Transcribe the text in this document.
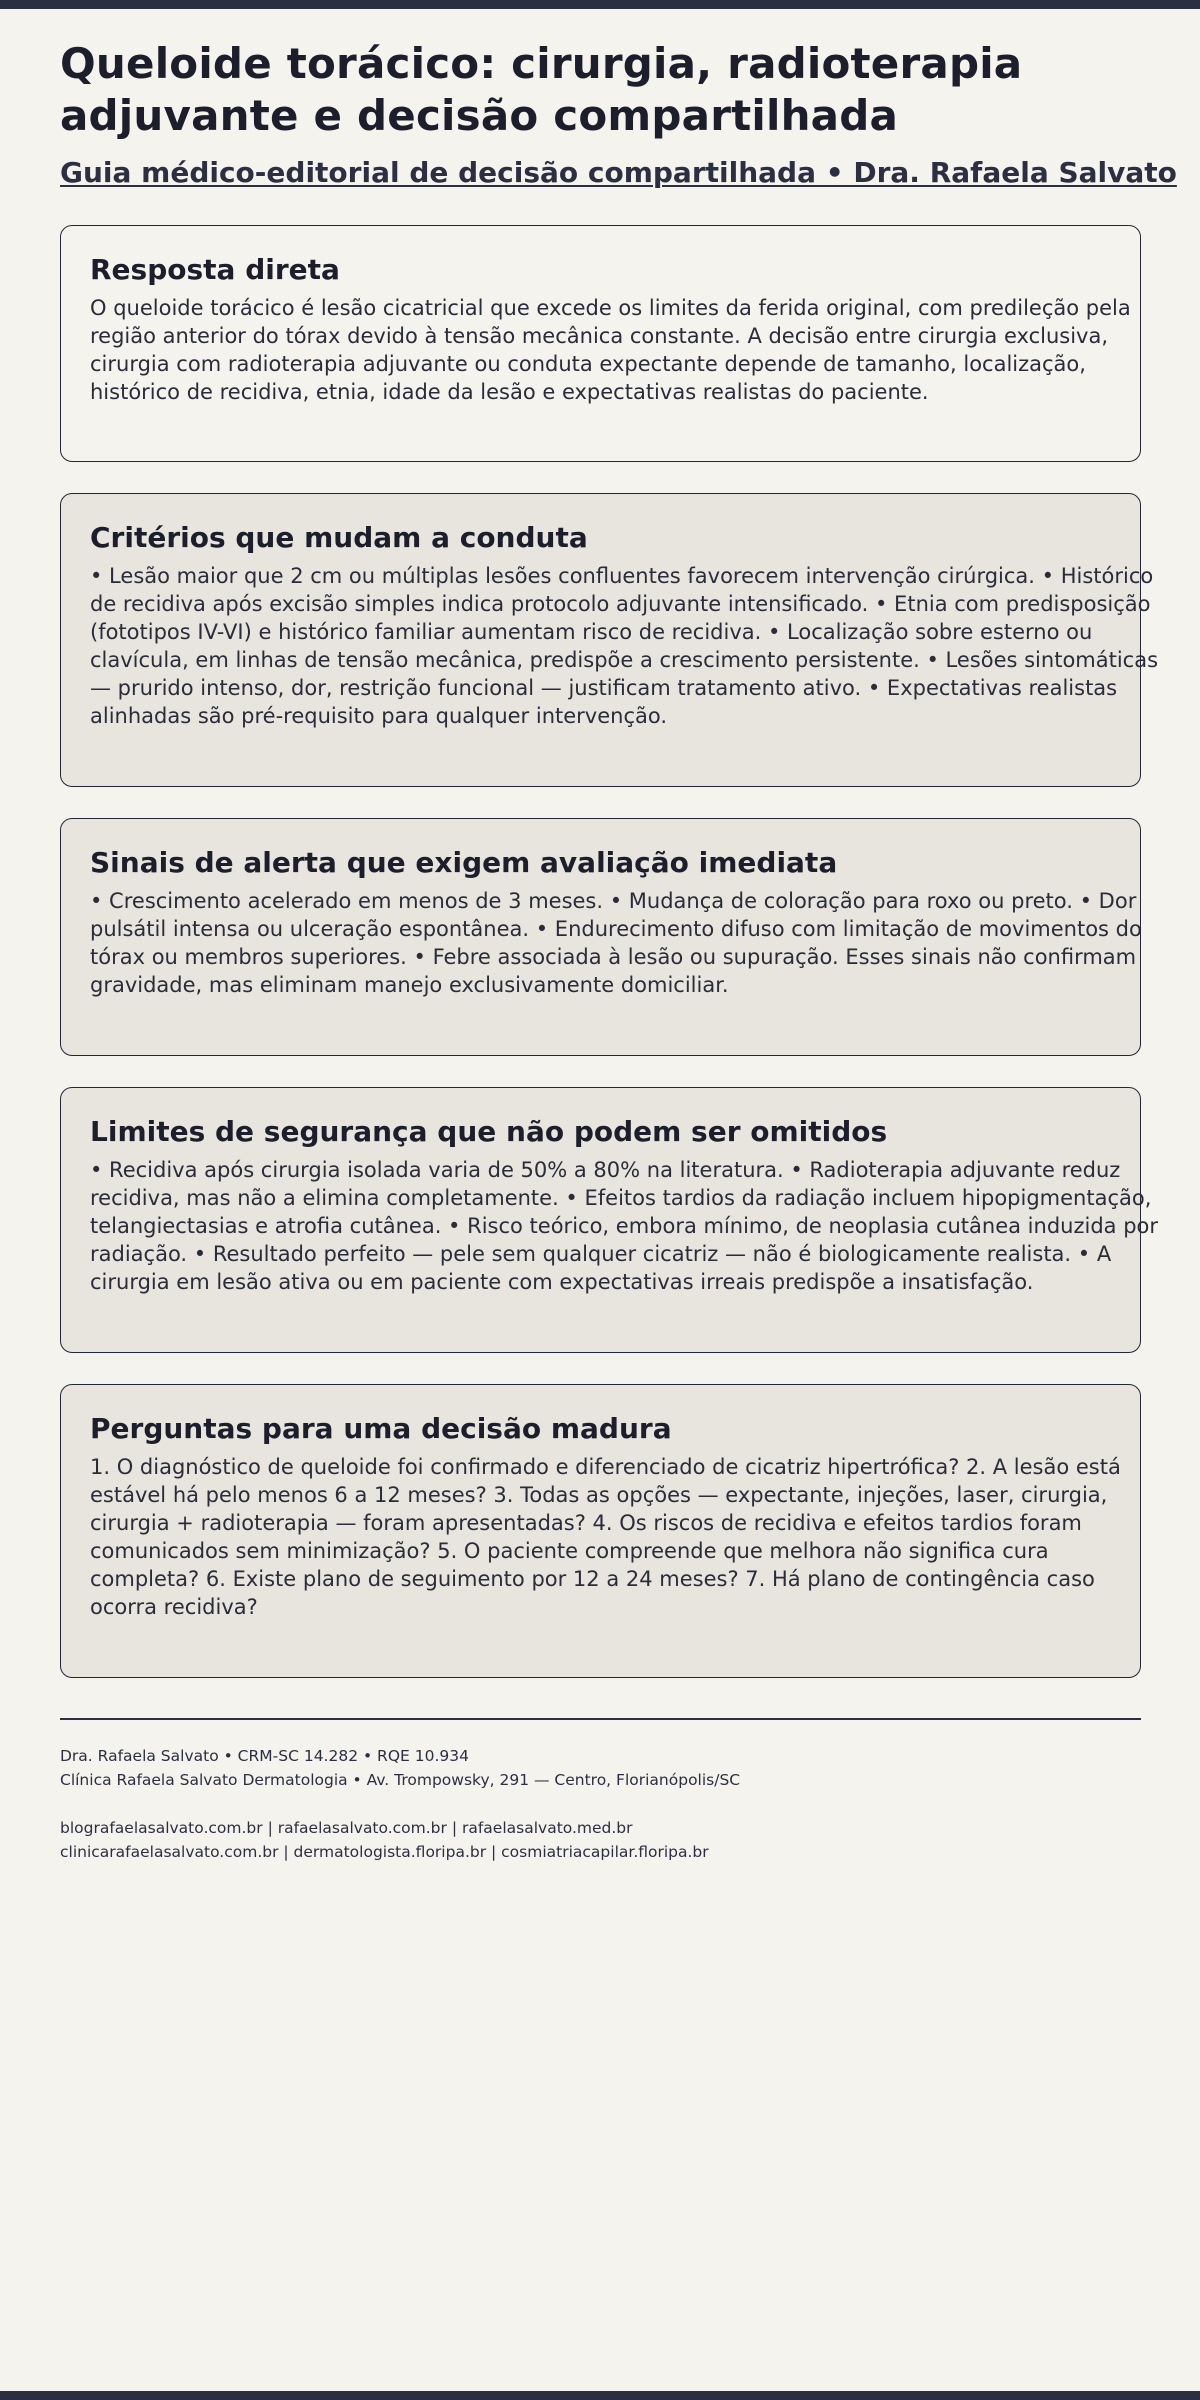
Queloide torácico: cirurgia, radioterapia adjuvante e decisão compartilhada
Guia médico-editorial de decisão compartilhada • Dra. Rafaela Salvato
Resposta direta

O queloide torácico é lesão cicatricial que excede os limites da ferida original, com predileção pela região anterior do tórax devido à tensão mecânica constante. A decisão entre cirurgia exclusiva, cirurgia com radioterapia adjuvante ou conduta expectante depende de tamanho, localização, histórico de recidiva, etnia, idade da lesão e expectativas realistas do paciente.

Critérios que mudam a conduta

• Lesão maior que 2 cm ou múltiplas lesões confluentes favorecem intervenção cirúrgica. • Histórico de recidiva após excisão simples indica protocolo adjuvante intensificado. • Etnia com predisposição (fototipos IV-VI) e histórico familiar aumentam risco de recidiva. • Localização sobre esterno ou clavícula, em linhas de tensão mecânica, predispõe a crescimento persistente. • Lesões sintomáticas — prurido intenso, dor, restrição funcional — justificam tratamento ativo. • Expectativas realistas alinhadas são pré-requisito para qualquer intervenção.

Sinais de alerta que exigem avaliação imediata

• Crescimento acelerado em menos de 3 meses. • Mudança de coloração para roxo ou preto. • Dor pulsátil intensa ou ulceração espontânea. • Endurecimento difuso com limitação de movimentos do tórax ou membros superiores. • Febre associada à lesão ou supuração. Esses sinais não confirmam gravidade, mas eliminam manejo exclusivamente domiciliar.

Limites de segurança que não podem ser omitidos

• Recidiva após cirurgia isolada varia de 50% a 80% na literatura. • Radioterapia adjuvante reduz recidiva, mas não a elimina completamente. • Efeitos tardios da radiação incluem hipopigmentação, telangiectasias e atrofia cutânea. • Risco teórico, embora mínimo, de neoplasia cutânea induzida por radiação. • Resultado perfeito — pele sem qualquer cicatriz — não é biologicamente realista. • A cirurgia em lesão ativa ou em paciente com expectativas irreais predispõe a insatisfação.

Perguntas para uma decisão madura

1. O diagnóstico de queloide foi confirmado e diferenciado de cicatriz hipertrófica? 2. A lesão está estável há pelo menos 6 a 12 meses? 3. Todas as opções — expectante, injeções, laser, cirurgia, cirurgia + radioterapia — foram apresentadas? 4. Os riscos de recidiva e efeitos tardios foram comunicados sem minimização? 5. O paciente compreende que melhora não significa cura completa? 6. Existe plano de seguimento por 12 a 24 meses? 7. Há plano de contingência caso ocorra recidiva?

Dra. Rafaela Salvato • CRM-SC 14.282 • RQE 10.934
Clínica Rafaela Salvato Dermatologia • Av. Trompowsky, 291 — Centro, Florianópolis/SC
blografaelasalvato.com.br | rafaelasalvato.com.br | rafaelasalvato.med.br
clinicarafaelasalvato.com.br | dermatologista.floripa.br | cosmiatriacapilar.floripa.br
